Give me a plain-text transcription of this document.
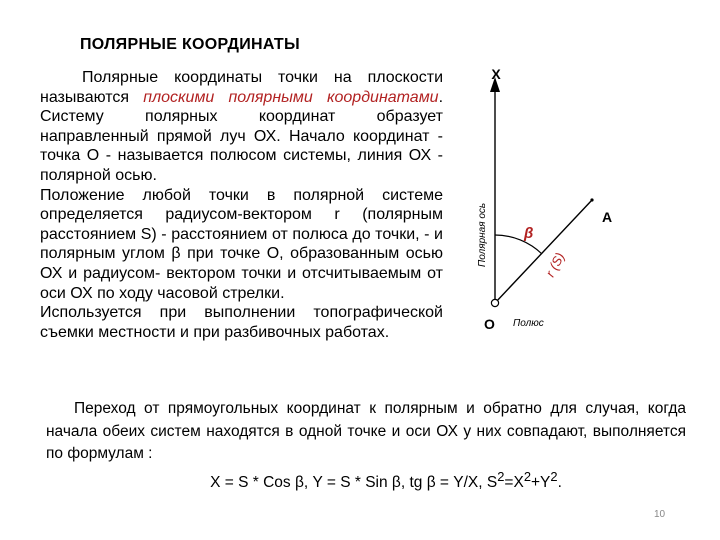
ПОЛЯРНЫЕ КООРДИНАТЫ

Полярные координаты точки на плоскости называются плоскими полярными координатами. Систему полярных координат образует направленный прямой луч ОХ. Начало координат - точка О - называется полюсом системы, линия ОХ - полярной осью.

Положение любой точки в полярной системе определяется радиусом-вектором r (полярным расстоянием S) - расстоянием от полюса до точки, - и полярным углом β при точке О, образованным осью ОХ и радиусом- вектором точки и отсчитываемым от оси ОХ по ходу часовой стрелки.

Используется при выполнении топографической съемки местности и при разбивочных работах.

X
Полярная ось	A
β
r (S)
O Полюс

Переход от прямоугольных координат к полярным и обратно для случая, когда начала обеих систем находятся в одной точке и оси ОХ у них совпадают, выполняется по формулам :

X = S * Cos β, Y = S * Sin β, tg β = Y/X, $S^2=X^2+Y^2$.

10
